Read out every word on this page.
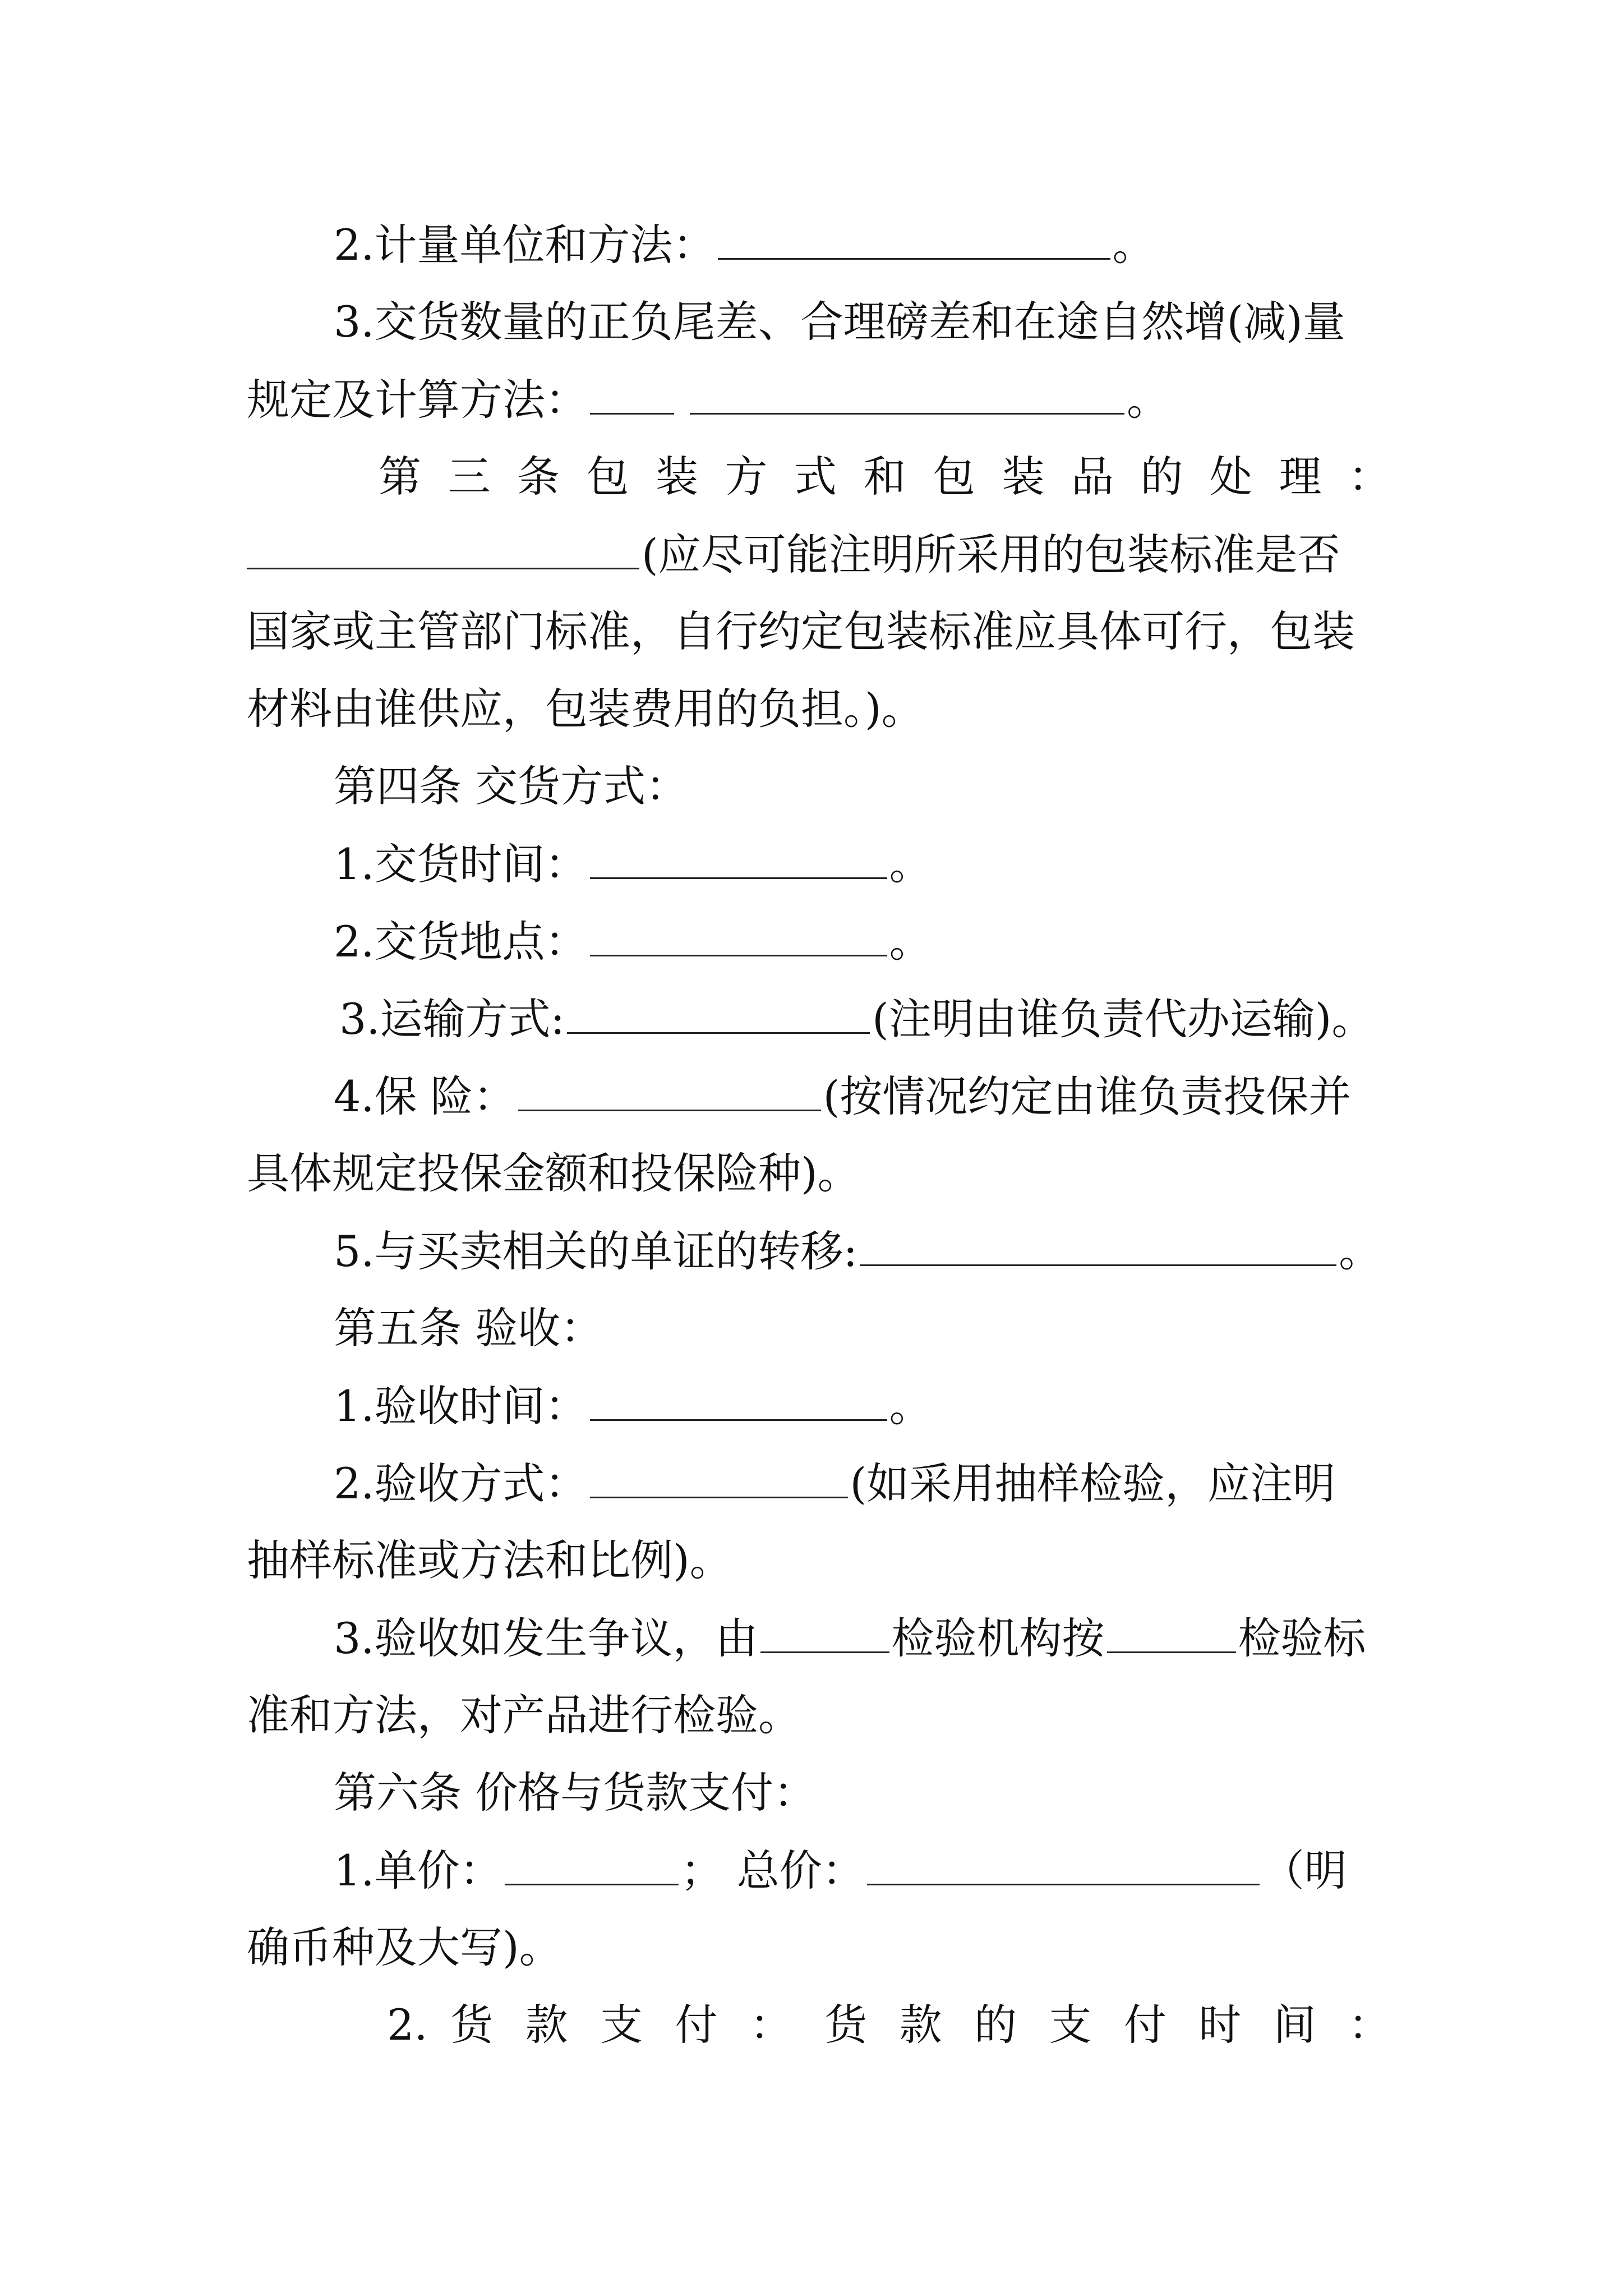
2.计量单位和方法：	。
3.交货数量的正负尾差、合理磅差和在途自然增(减)量
规定及计算方法：	。
第 三 条 包 装 方 式 和 包 装 品 的 处 理 ：
(应尽可能注明所采用的包装标准是否
国家或主管部门标准，自行约定包装标准应具体可行，包装
材料由谁供应，包装费用的负担。)。
第四条 交货方式：
1.交货时间：	。
2.交货地点：	。
3.运输方式:	(注明由谁负责代办运输)。
4.保 险：	(按情况约定由谁负责投保并
具体规定投保金额和投保险种)。
5.与买卖相关的单证的转移:	。
第五条 验收：
1.验收时间：	。
2.验收方式：	(如采用抽样检验，应注明
抽样标准或方法和比例)。
3.验收如发生争议，由	检验机构按	检验标
准和方法，对产品进行检验。
第六条 价格与货款支付：
1.单价：	； 总价：	（明
确币种及大写)。
2. 货 款 支 付 ： 货 款 的 支 付 时 间 ：
